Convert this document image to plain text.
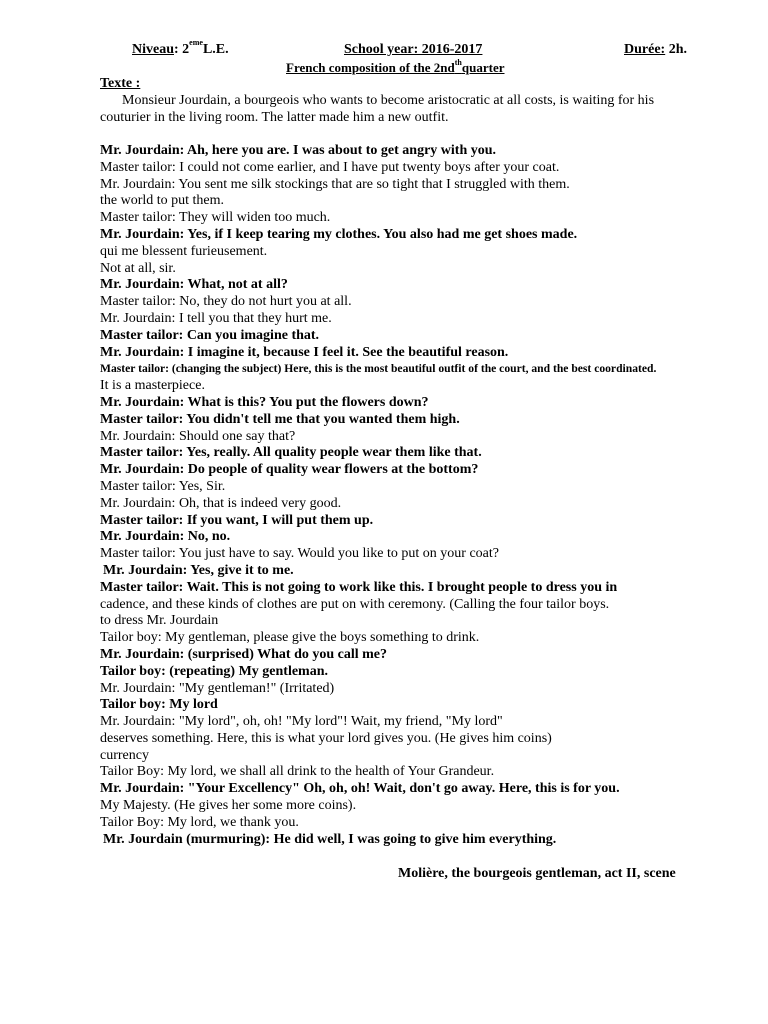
Niveau: 2emeL.E.	School year: 2016-2017	Durée: 2h.
French composition of the $2nd^{th}quarter$
Texte :
Monsieur Jourdain, a bourgeois who wants to become aristocratic at all costs, is waiting for his couturier in the living room. The latter made him a new outfit.
Mr. Jourdain: Ah, here you are. I was about to get angry with you.
Master tailor: I could not come earlier, and I have put twenty boys after your coat.
Mr. Jourdain: You sent me silk stockings that are so tight that I struggled with them.
the world to put them.
Master tailor: They will widen too much.
Mr. Jourdain: Yes, if I keep tearing my clothes. You also had me get shoes made.
qui me blessent furieusement.
Not at all, sir.
Mr. Jourdain: What, not at all?
Master tailor: No, they do not hurt you at all.
Mr. Jourdain: I tell you that they hurt me.
Master tailor: Can you imagine that.
Mr. Jourdain: I imagine it, because I feel it. See the beautiful reason.
Master tailor: (changing the subject) Here, this is the most beautiful outfit of the court, and the best coordinated.
It is a masterpiece.
Mr. Jourdain: What is this? You put the flowers down?
Master tailor: You didn't tell me that you wanted them high.
Mr. Jourdain: Should one say that?
Master tailor: Yes, really. All quality people wear them like that.
Mr. Jourdain: Do people of quality wear flowers at the bottom?
Master tailor: Yes, Sir.
Mr. Jourdain: Oh, that is indeed very good.
Master tailor: If you want, I will put them up.
Mr. Jourdain: No, no.
Master tailor: You just have to say. Would you like to put on your coat?
Mr. Jourdain: Yes, give it to me.
Master tailor: Wait. This is not going to work like this. I brought people to dress you in
cadence, and these kinds of clothes are put on with ceremony. (Calling the four tailor boys.
to dress Mr. Jourdain
Tailor boy: My gentleman, please give the boys something to drink.
Mr. Jourdain: (surprised) What do you call me?
Tailor boy: (repeating) My gentleman.
Mr. Jourdain: "My gentleman!" (Irritated)
Tailor boy: My lord
Mr. Jourdain: "My lord", oh, oh! "My lord"! Wait, my friend, "My lord"
deserves something. Here, this is what your lord gives you. (He gives him coins)
currency
Tailor Boy: My lord, we shall all drink to the health of Your Grandeur.
Mr. Jourdain: "Your Excellency" Oh, oh, oh! Wait, don't go away. Here, this is for you.
My Majesty. (He gives her some more coins).
Tailor Boy: My lord, we thank you.
Mr. Jourdain (murmuring): He did well, I was going to give him everything.
Molière, the bourgeois gentleman, act II, scene
